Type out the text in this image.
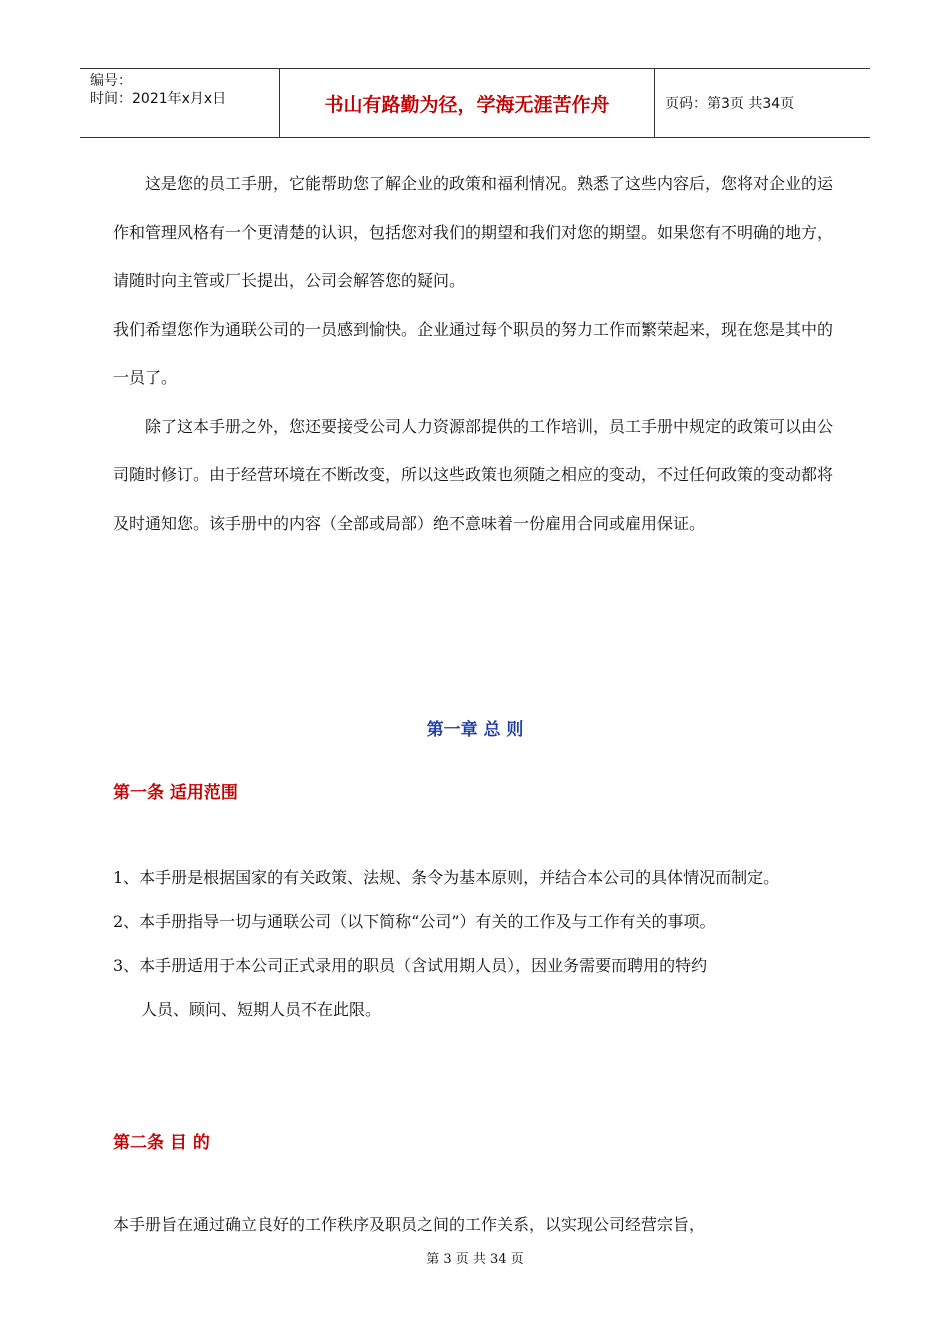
编号：
时间：2021年x月x日	书山有路勤为径，学海无涯苦作舟	页码：第3页 共34页

这是您的员工手册，它能帮助您了解企业的政策和福利情况。熟悉了这些内容后，您将对企业的运作和管理风格有一个更清楚的认识，包括您对我们的期望和我们对您的期望。如果您有不明确的地方，请随时向主管或厂长提出，公司会解答您的疑问。

我们希望您作为通联公司的一员感到愉快。企业通过每个职员的努力工作而繁荣起来，现在您是其中的一员了。

除了这本手册之外，您还要接受公司人力资源部提供的工作培训，员工手册中规定的政策可以由公司随时修订。由于经营环境在不断改变，所以这些政策也须随之相应的变动，不过任何政策的变动都将及时通知您。该手册中的内容（全部或局部）绝不意味着一份雇用合同或雇用保证。

第一章 总 则
第一条 适用范围

1、本手册是根据国家的有关政策、法规、条令为基本原则，并结合本公司的具体情况而制定。

2、本手册指导一切与通联公司（以下简称“公司”）有关的工作及与工作有关的事项。

3、本手册适用于本公司正式录用的职员（含试用期人员），因业务需要而聘用的特约

人员、顾问、短期人员不在此限。

第二条 目 的

本手册旨在通过确立良好的工作秩序及职员之间的工作关系，以实现公司经营宗旨，

第 3 页 共 34 页
